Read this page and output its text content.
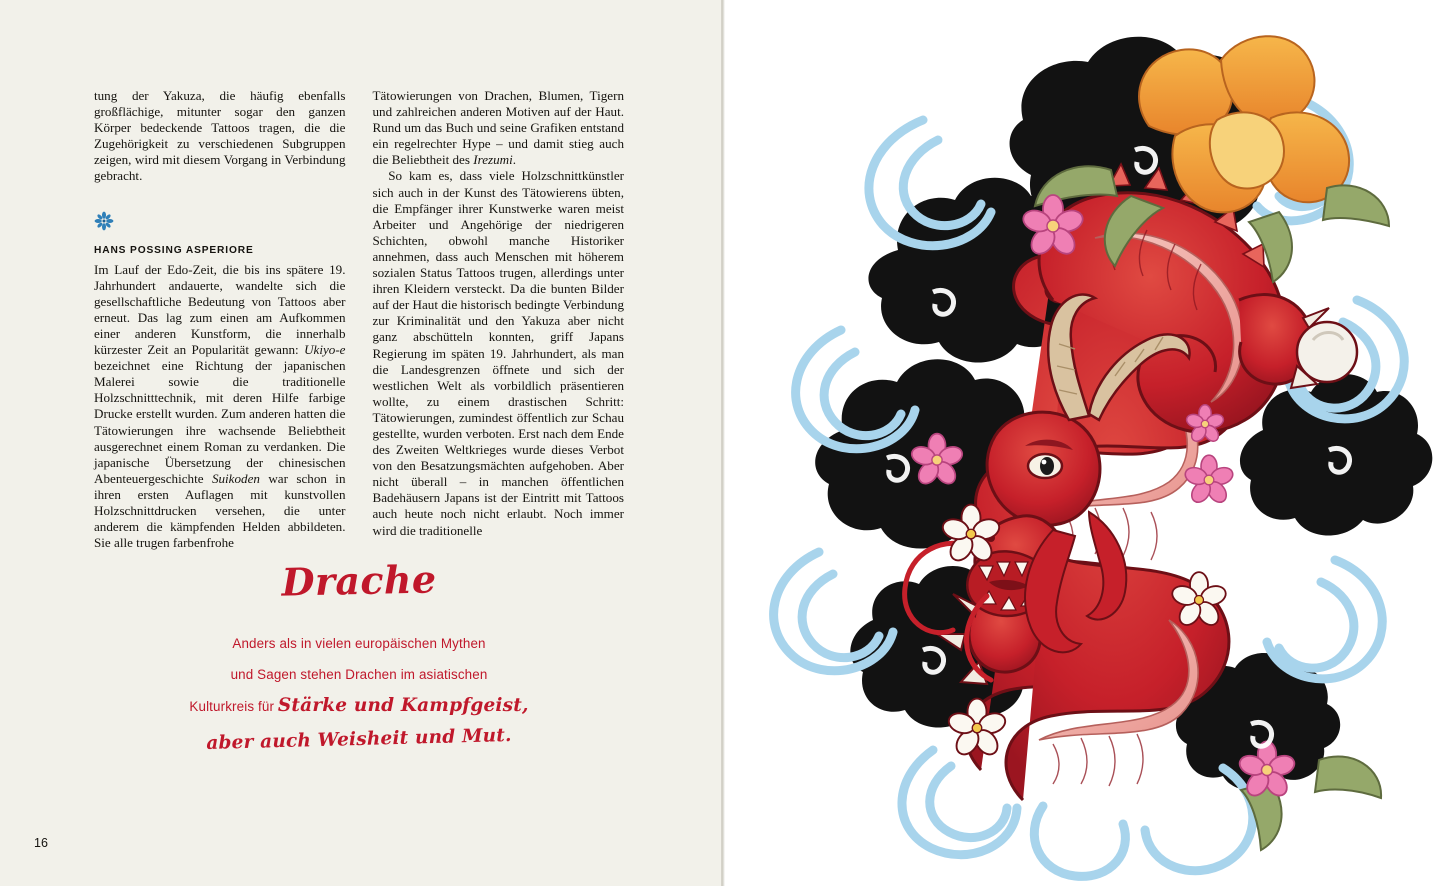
tung der Yakuza, die häufig ebenfalls großflächige, mitunter sogar den ganzen Körper bedeckende Tattoos tragen, die die Zugehörigkeit zu verschiedenen Subgruppen zeigen, wird mit diesem Vorgang in Verbindung gebracht.

HANS POSSING ASPERIORE

Im Lauf der Edo-Zeit, die bis ins spätere 19. Jahrhundert andauerte, wandelte sich die gesellschaftliche Bedeutung von Tattoos aber erneut. Das lag zum einen am Aufkommen einer anderen Kunstform, die innerhalb kürzester Zeit an Popularität gewann: Ukiyo-e bezeichnet eine Richtung der japanischen Malerei sowie die traditionelle Holzschnitttechnik, mit deren Hilfe farbige Drucke erstellt wurden. Zum anderen hatten die Tätowierungen ihre wachsende Beliebtheit ausgerechnet einem Roman zu verdanken. Die japanische Übersetzung der chinesischen Abenteuergeschichte Suikoden war schon in ihren ersten Auflagen mit kunstvollen Holzschnittdrucken versehen, die unter anderem die kämpfenden Helden abbildeten. Sie alle trugen farbenfrohe

Tätowierungen von Drachen, Blumen, Tigern und zahlreichen anderen Motiven auf der Haut. Rund um das Buch und seine Grafiken entstand ein regelrechter Hype – und damit stieg auch die Beliebtheit des Irezumi.

So kam es, dass viele Holzschnittkünstler sich auch in der Kunst des Tätowierens übten, die Empfänger ihrer Kunstwerke waren meist Arbeiter und Angehörige der niedrigeren Schichten, obwohl manche Historiker annehmen, dass auch Menschen mit höherem sozialen Status Tattoos trugen, allerdings unter ihren Kleidern versteckt. Da die bunten Bilder auf der Haut die historisch bedingte Verbindung zur Kriminalität und den Yakuza aber nicht ganz abschütteln konnten, griff Japans Regierung im späten 19. Jahrhundert, als man die Landesgrenzen öffnete und sich der westlichen Welt als vorbildlich präsentieren wollte, zu einem drastischen Schritt: Tätowierungen, zumindest öffentlich zur Schau gestellte, wurden verboten. Erst nach dem Ende des Zweiten Weltkrieges wurde dieses Verbot von den Besatzungsmächten aufgehoben. Aber nicht überall – in manchen öffentlichen Badehäusern Japans ist der Eintritt mit Tattoos auch heute noch nicht erlaubt. Noch immer wird die traditionelle

Drache
Anders als in vielen europäischen Mythen
und Sagen stehen Drachen im asiatischen
Kulturkreis für Stärke und Kampfgeist,
aber auch Weisheit und Mut.
16
